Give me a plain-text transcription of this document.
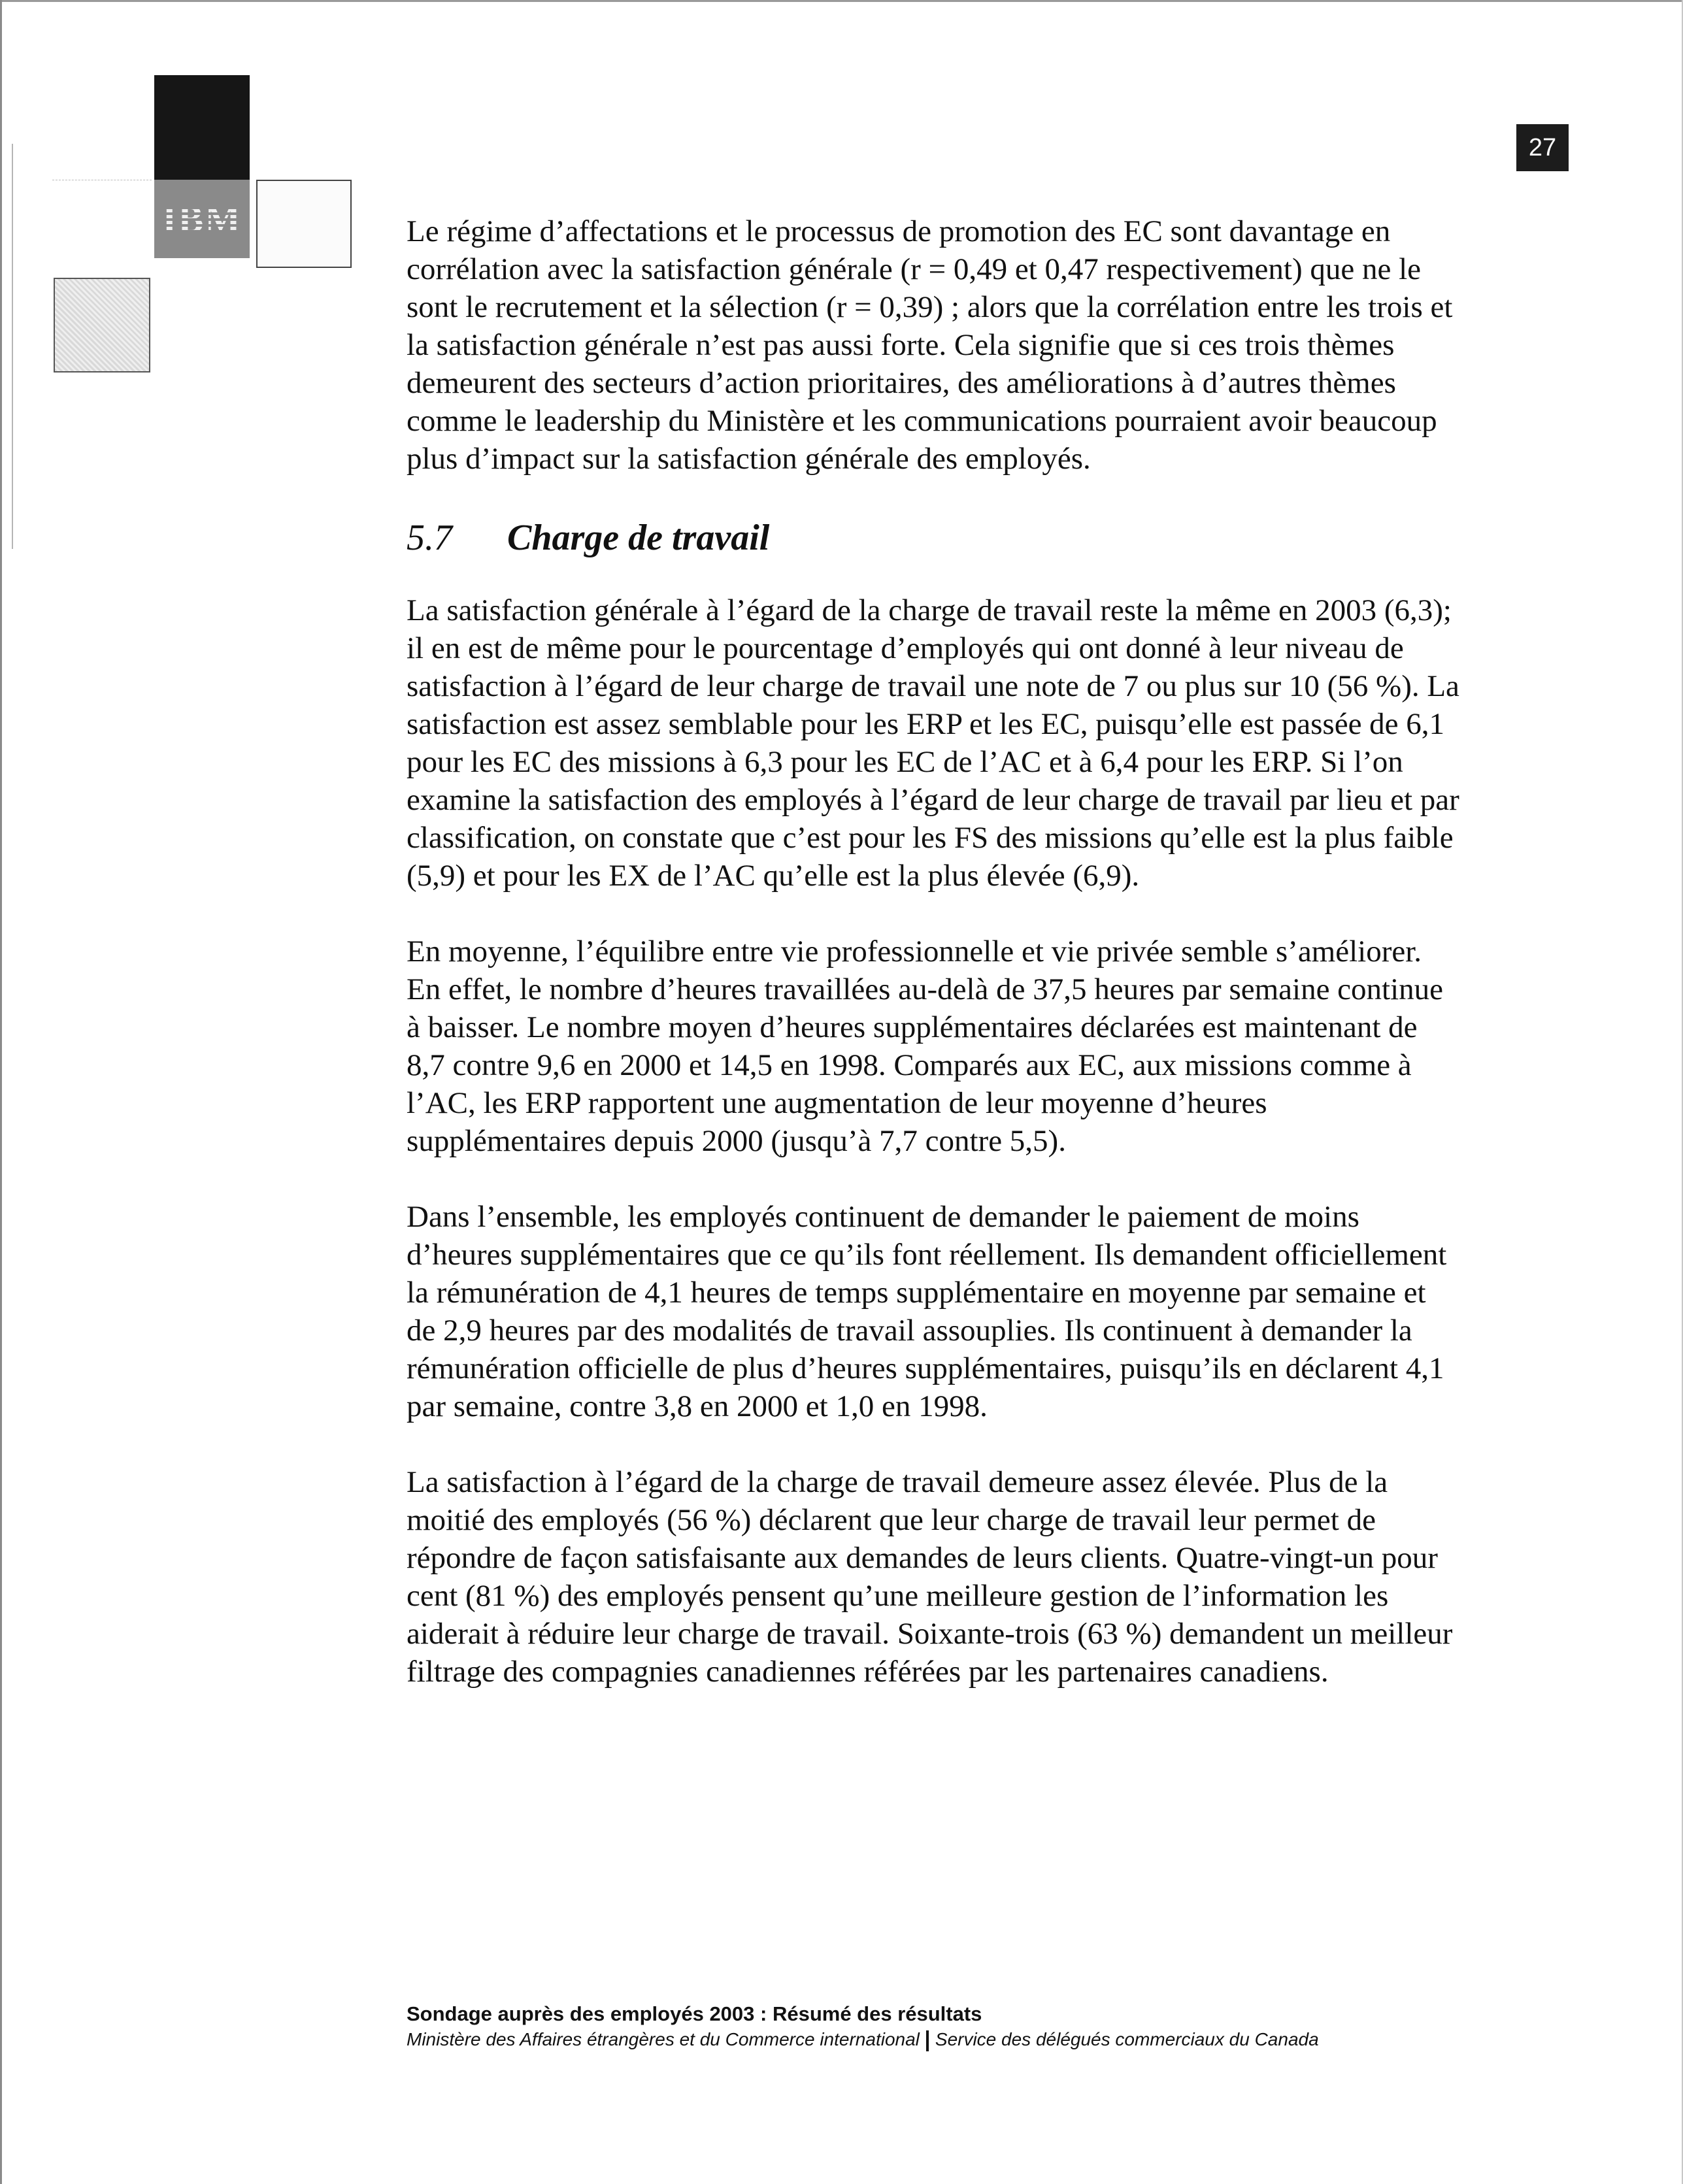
IBM
27

Le régime d’affectations et le processus de promotion des EC sont davantage en corrélation avec la satisfaction générale (r = 0,49 et 0,47 respectivement) que ne le sont le recrutement et la sélection (r = 0,39) ; alors que la corrélation entre les trois et la satisfaction générale n’est pas aussi forte. Cela signifie que si ces trois thèmes demeurent des secteurs d’action prioritaires, des améliorations à d’autres thèmes comme le leadership du Ministère et les communications pourraient avoir beaucoup plus d’impact sur la satisfaction générale des employés.

5.7	Charge de travail

La satisfaction générale à l’égard de la charge de travail reste la même en 2003 (6,3); il en est de même pour le pourcentage d’employés qui ont donné à leur niveau de satisfaction à l’égard de leur charge de travail une note de 7 ou plus sur 10 (56 %). La satisfaction est assez semblable pour les ERP et les EC, puisqu’elle est passée de 6,1 pour les EC des missions à 6,3 pour les EC de l’AC et à 6,4 pour les ERP. Si l’on examine la satisfaction des employés à l’égard de leur charge de travail par lieu et par classification, on constate que c’est pour les FS des missions qu’elle est la plus faible (5,9) et pour les EX de l’AC qu’elle est la plus élevée (6,9).

En moyenne, l’équilibre entre vie professionnelle et vie privée semble s’améliorer. En effet, le nombre d’heures travaillées au-delà de 37,5 heures par semaine continue à baisser. Le nombre moyen d’heures supplémentaires déclarées est maintenant de 8,7 contre 9,6 en 2000 et 14,5 en 1998. Comparés aux EC, aux missions comme à l’AC, les ERP rapportent une augmentation de leur moyenne d’heures supplémentaires depuis 2000 (jusqu’à 7,7 contre 5,5).

Dans l’ensemble, les employés continuent de demander le paiement de moins d’heures supplémentaires que ce qu’ils font réellement. Ils demandent officiellement la rémunération de 4,1 heures de temps supplémentaire en moyenne par semaine et de 2,9 heures par des modalités de travail assouplies. Ils continuent à demander la rémunération officielle de plus d’heures supplémentaires, puisqu’ils en déclarent 4,1 par semaine, contre 3,8 en 2000 et 1,0 en 1998.

La satisfaction à l’égard de la charge de travail demeure assez élevée. Plus de la moitié des employés (56 %) déclarent que leur charge de travail leur permet de répondre de façon satisfaisante aux demandes de leurs clients. Quatre-vingt-un pour cent (81 %) des employés pensent qu’une meilleure gestion de l’information les aiderait à réduire leur charge de travail. Soixante-trois (63 %) demandent un meilleur filtrage des compagnies canadiennes référées par les partenaires canadiens.

Sondage auprès des employés 2003 : Résumé des résultats
Ministère des Affaires étrangères et du Commerce international Service des délégués commerciaux du Canada
